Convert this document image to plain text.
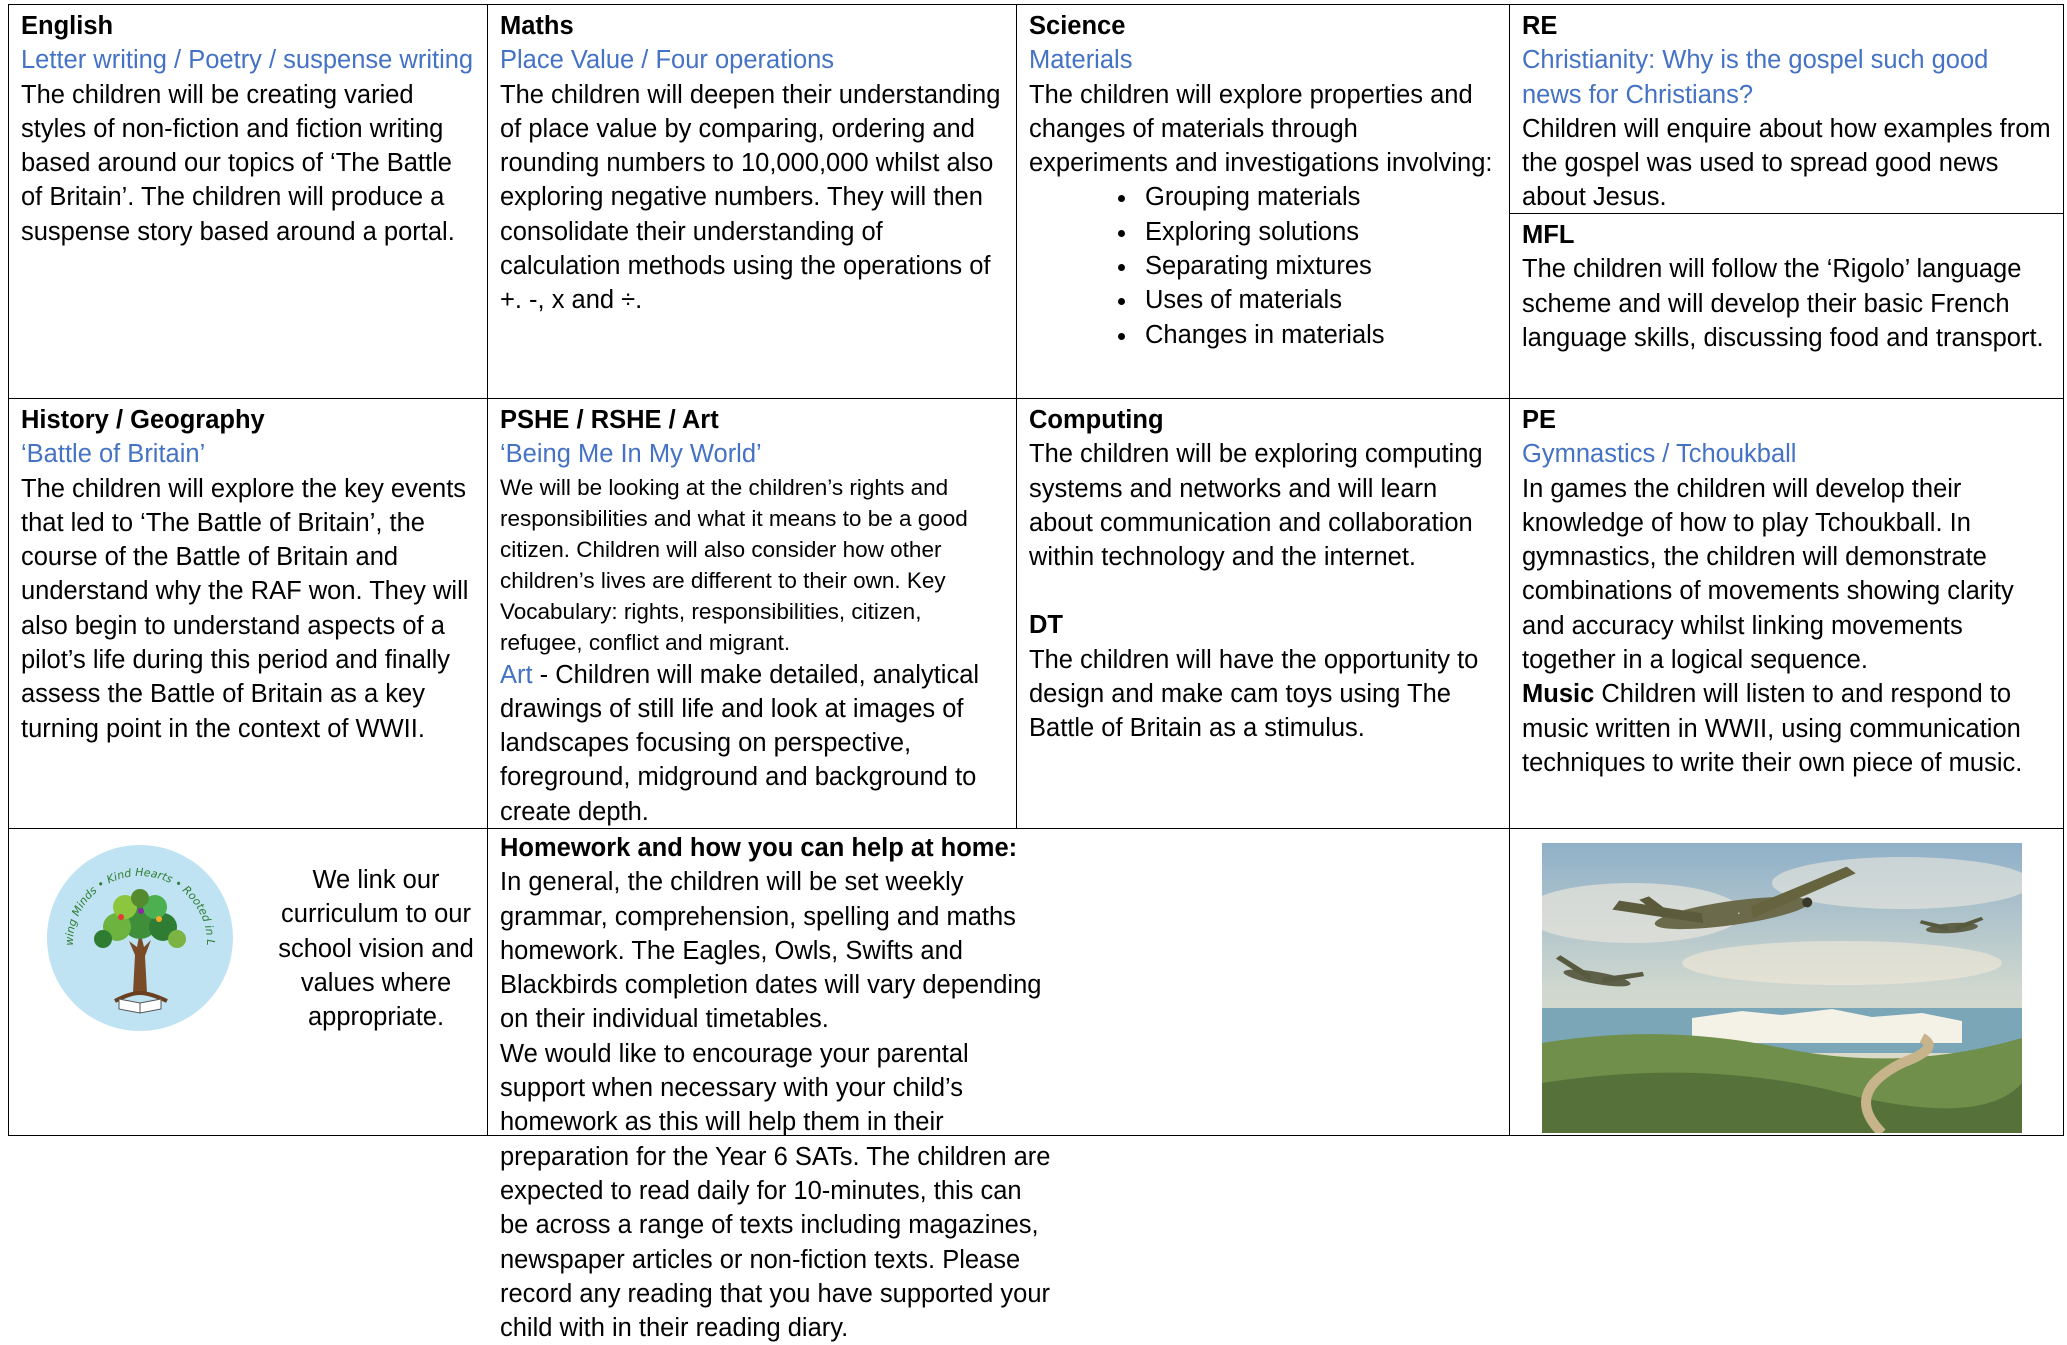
English
Letter writing / Poetry / suspense writing
The children will be creating varied styles of non-fiction and fiction writing based around our topics of ‘The Battle of Britain’. The children will produce a suspense story based around a portal.
Maths
Place Value / Four operations
The children will deepen their understanding of place value by comparing, ordering and rounding numbers to 10,000,000 whilst also exploring negative numbers. They will then consolidate their understanding of calculation methods using the operations of +. -, x and ÷.
Science
Materials
The children will explore properties and changes of materials through experiments and investigations involving:
• Grouping materials
• Exploring solutions
• Separating mixtures
• Uses of materials
• Changes in materials
RE
Christianity: Why is the gospel such good news for Christians?
Children will enquire about how examples from the gospel was used to spread good news about Jesus.
MFL
The children will follow the ‘Rigolo’ language scheme and will develop their basic French language skills, discussing food and transport.
History / Geography
‘Battle of Britain’
The children will explore the key events that led to ‘The Battle of Britain’, the course of the Battle of Britain and understand why the RAF won. They will also begin to understand aspects of a pilot’s life during this period and finally assess the Battle of Britain as a key turning point in the context of WWII.
PSHE / RSHE / Art
‘Being Me In My World’
We will be looking at the children’s rights and responsibilities and what it means to be a good citizen. Children will also consider how other children’s lives are different to their own. Key Vocabulary: rights, responsibilities, citizen, refugee, conflict and migrant.
Art - Children will make detailed, analytical drawings of still life and look at images of landscapes focusing on perspective, foreground, midground and background to create depth.
Computing
The children will be exploring computing systems and networks and will learn about communication and collaboration within technology and the internet.
DT
The children will have the opportunity to design and make cam toys using The Battle of Britain as a stimulus.
PE
Gymnastics / Tchoukball
In games the children will develop their knowledge of how to play Tchoukball. In gymnastics, the children will demonstrate combinations of movements showing clarity and accuracy whilst linking movements together in a logical sequence.
Music Children will listen to and respond to music written in WWII, using communication techniques to write their own piece of music.
wing Minds • Kind Hearts • Rooted in L
We link our curriculum to our school vision and values where appropriate.
Homework and how you can help at home:
In general, the children will be set weekly grammar, comprehension, spelling and maths homework. The Eagles, Owls, Swifts and Blackbirds completion dates will vary depending on their individual timetables.
We would like to encourage your parental support when necessary with your child’s homework as this will help them in their preparation for the Year 6 SATs. The children are expected to read daily for 10-minutes, this can be across a range of texts including magazines, newspaper articles or non-fiction texts. Please record any reading that you have supported your child with in their reading diary.
·
